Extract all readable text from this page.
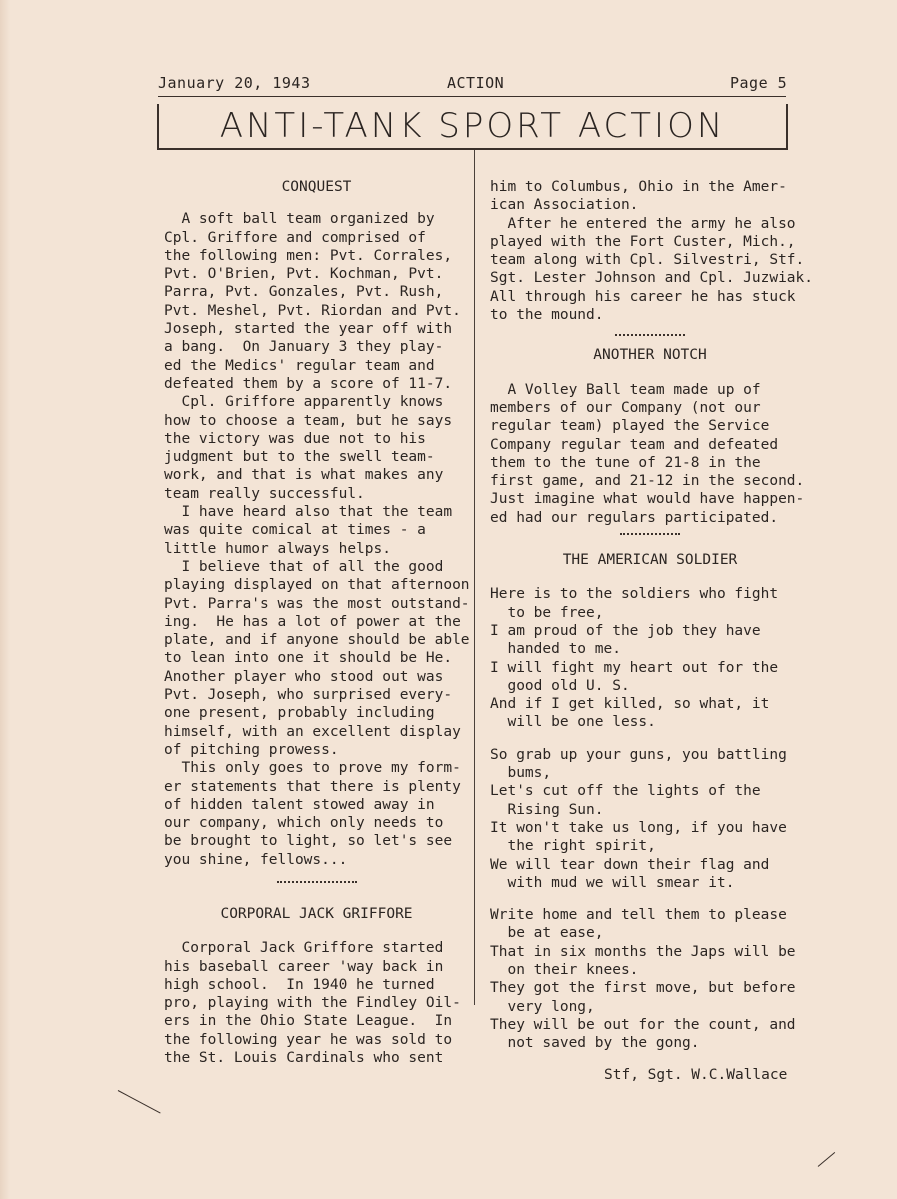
January 20, 1943	ACTION	Page 5
ANTI-TANK SPORT ACTION

CONQUEST

A soft ball team organized by

Cpl. Griffore and comprised of

the following men: Pvt. Corrales,

Pvt. O'Brien, Pvt. Kochman, Pvt.

Parra, Pvt. Gonzales, Pvt. Rush,

Pvt. Meshel, Pvt. Riordan and Pvt.

Joseph, started the year off with

a bang.  On January 3 they play-

ed the Medics' regular team and

defeated them by a score of 11-7.

Cpl. Griffore apparently knows

how to choose a team, but he says

the victory was due not to his

judgment but to the swell team-

work, and that is what makes any

team really successful.

I have heard also that the team

was quite comical at times - a

little humor always helps.

I believe that of all the good

playing displayed on that afternoon

Pvt. Parra's was the most outstand-

ing.  He has a lot of power at the

plate, and if anyone should be able

to lean into one it should be He.

Another player who stood out was

Pvt. Joseph, who surprised every-

one present, probably including

himself, with an excellent display

of pitching prowess.

This only goes to prove my form-

er statements that there is plenty

of hidden talent stowed away in

our company, which only needs to

be brought to light, so let's see

you shine, fellows...

CORPORAL JACK GRIFFORE

Corporal Jack Griffore started

his baseball career 'way back in

high school.  In 1940 he turned

pro, playing with the Findley Oil-

ers in the Ohio State League.  In

the following year he was sold to

the St. Louis Cardinals who sent

him to Columbus, Ohio in the Amer-

ican Association.

After he entered the army he also

played with the Fort Custer, Mich.,

team along with Cpl. Silvestri, Stf.

Sgt. Lester Johnson and Cpl. Juzwiak.

All through his career he has stuck

to the mound.

ANOTHER NOTCH

A Volley Ball team made up of

members of our Company (not our

regular team) played the Service

Company regular team and defeated

them to the tune of 21-8 in the

first game, and 21-12 in the second.

Just imagine what would have happen-

ed had our regulars participated.

THE AMERICAN SOLDIER

Here is to the soldiers who fight

to be free,

I am proud of the job they have

handed to me.

I will fight my heart out for the

good old U. S.

And if I get killed, so what, it

will be one less.

So grab up your guns, you battling

bums,

Let's cut off the lights of the

Rising Sun.

It won't take us long, if you have

the right spirit,

We will tear down their flag and

with mud we will smear it.

Write home and tell them to please

be at ease,

That in six months the Japs will be

on their knees.

They got the first move, but before

very long,

They will be out for the count, and

not saved by the gong.

Stf, Sgt. W.C.Wallace
